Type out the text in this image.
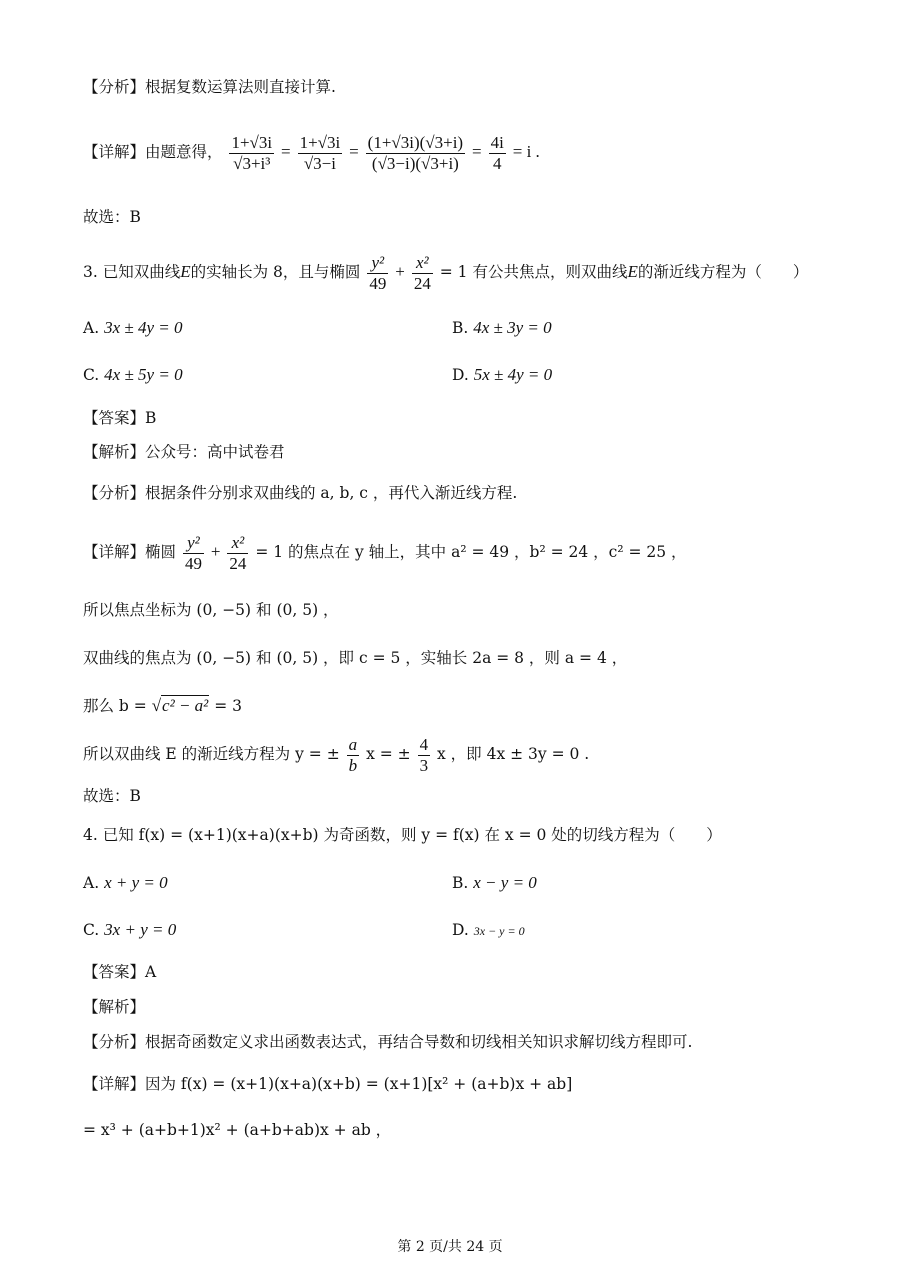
【分析】根据复数运算法则直接计算.
【详解】由题意得， $\frac{1+√3i}{\text{√3+i³}} = \frac{1+√3i}{√3-i} = \frac{(1+√3i)(√3+i)}{(√3-i)(√3+i)} = \frac{4i}{4} = i$ .
故选：B
3. 已知双曲线E的实轴长为 8，且与椭圆 $\frac{\text{y²}}{49} + \frac{\text{x²}}{24} = 1$ 有公共焦点，则双曲线E的渐近线方程为（　　）
A. 3x ± 4y = 0	B. 4x ± 3y = 0
C. 4x ± 5y = 0	D. 5x ± 4y = 0
【答案】B
【解析】公众号：高中试卷君
【分析】根据条件分别求双曲线的 a, b, c ，再代入渐近线方程.
【详解】椭圆 $\frac{\text{y²}}{49} + \frac{\text{x²}}{24} = 1$ 的焦点在 y 轴上，其中 a² = 49 ，b² = 24 ，c² = 25 ，
所以焦点坐标为 (0, −5) 和 (0, 5) ，
双曲线的焦点为 (0, −5) 和 (0, 5) ，即 c = 5 ，实轴长 2a = 8 ，则 a = 4 ，
那么 b = √c² − a² = 3
所以双曲线 E 的渐近线方程为 y = ± $\frac{a}{b}$ x = ± $\frac{4}{3}$ x ，即 4x ± 3y = 0 .
故选：B
4. 已知 f(x) = (x+1)(x+a)(x+b) 为奇函数，则 y = f(x) 在 x = 0 处的切线方程为（　　）
A. x + y = 0	B. x − y = 0
C. 3x + y = 0	D. 3x − y = 0
【答案】A
【解析】
【分析】根据奇函数定义求出函数表达式，再结合导数和切线相关知识求解切线方程即可.
【详解】因为 f(x) = (x+1)(x+a)(x+b) = (x+1)[x² + (a+b)x + ab]
= x³ + (a+b+1)x² + (a+b+ab)x + ab ，
第 2 页/共 24 页
